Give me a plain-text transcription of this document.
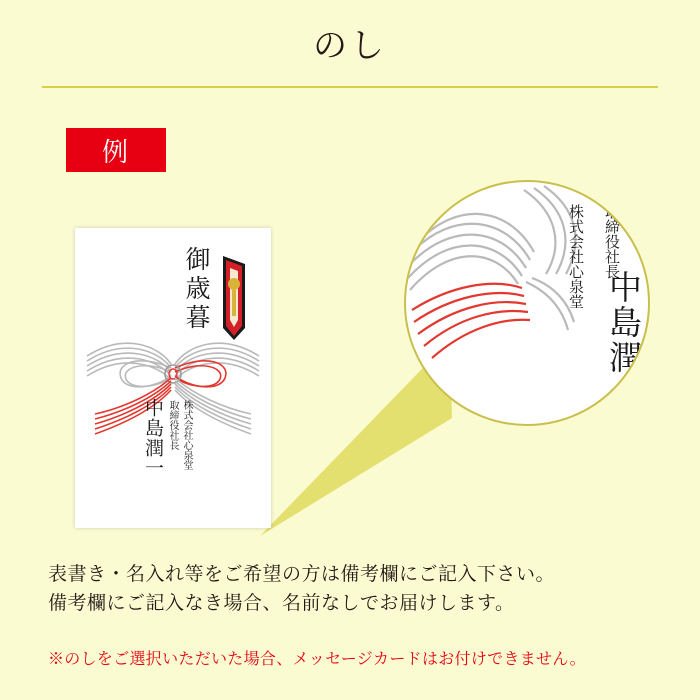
のし
例
御歳暮
株式会社心泉堂
取締役社長
中島潤一
株式会社心泉堂 取締役社長
中島潤一
表書き・名入れ等をご希望の方は備考欄にご記入下さい。
備考欄にご記入なき場合、名前なしでお届けします。
※のしをご選択いただいた場合、メッセージカードはお付けできません。
